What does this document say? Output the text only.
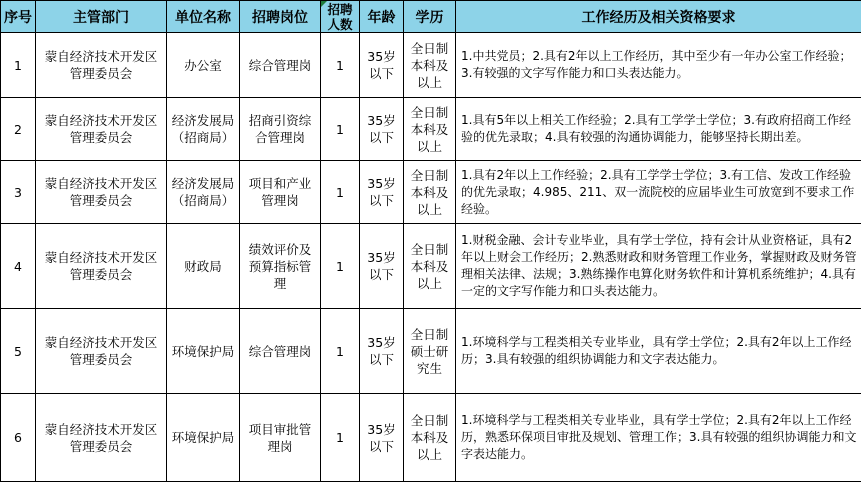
序号	主管部门	单位名称	招聘岗位	招聘人数	年龄	学历	工作经历及相关资格要求
1	蒙自经济技术开发区管理委员会	办公室	综合管理岗	1	35岁以下	全日制本科及以上	1.中共党员；2.具有2年以上工作经历，其中至少有一年办公室工作经验；3.有较强的文字写作能力和口头表达能力。
2	蒙自经济技术开发区管理委员会	经济发展局（招商局）	招商引资综合管理岗	1	35岁以下	全日制本科及以上	1.具有5年以上相关工作经验；2.具有工学学士学位；3.有政府招商工作经验的优先录取；4.具有较强的沟通协调能力，能够坚持长期出差。
3	蒙自经济技术开发区管理委员会	经济发展局（招商局）	项目和产业管理岗	1	35岁以下	全日制本科及以上	1.具有2年以上工作经验；2.具有工学学士学位；3.有工信、发改工作经验的优先录取；4.985、211、双一流院校的应届毕业生可放宽到不要求工作经验。
4	蒙自经济技术开发区管理委员会	财政局	绩效评价及预算指标管理	1	35岁以下	全日制本科及以上	1.财税金融、会计专业毕业，具有学士学位，持有会计从业资格证，具有2年以上财会工作经历；2.熟悉财政和财务管理工作业务，掌握财政及财务管理相关法律、法规；3.熟练操作电算化财务软件和计算机系统维护；4.具有一定的文字写作能力和口头表达能力。
5	蒙自经济技术开发区管理委员会	环境保护局	综合管理岗	1	35岁以下	全日制硕士研究生	1.环境科学与工程类相关专业毕业，具有学士学位；2.具有2年以上工作经历；3.具有较强的组织协调能力和文字表达能力。
6	蒙自经济技术开发区管理委员会	环境保护局	项目审批管理岗	1	35岁以下	全日制本科及以上	1.环境科学与工程类相关专业毕业，具有学士学位；2.具有2年以上工作经历，熟悉环保项目审批及规划、管理工作；3.具有较强的组织协调能力和文字表达能力。
